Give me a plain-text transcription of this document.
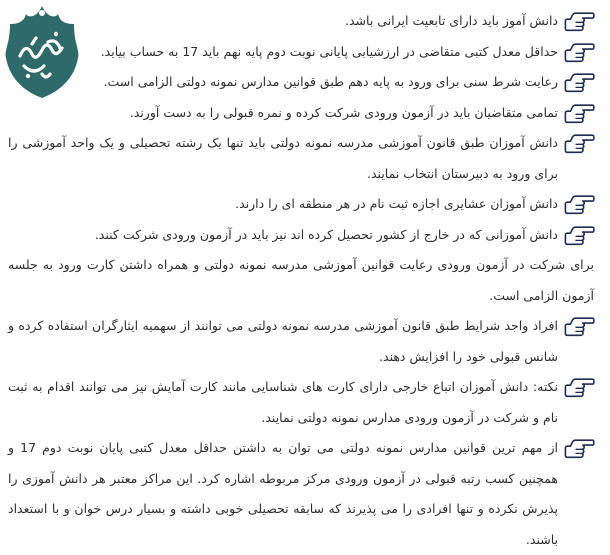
دانش آموز باید دارای تابعیت ایرانی باشد.
حداقل معدل کتبی متقاضی در ارزشیابی پایانی نوبت دوم پایه نهم باید 17 به حساب بیاید.
رعایت شرط سنی برای ورود به پایه دهم طبق قوانین مدارس نمونه دولتی الزامی است.
تمامی متقاضیان باید در آزمون ورودی شرکت کرده و نمره قبولی را به دست آورند.
دانش آموزان طبق قانون آموزشی مدرسه نمونه دولتی باید تنها یک رشته تحصیلی و یک واحد آموزشی را برای ورود به دبیرستان انتخاب نمایند.
دانش آموزان عشایری اجازه ثبت نام در هر منطقه ای را دارند.
دانش آموزانی که در خارج از کشور تحصیل کرده اند نیز باید در آزمون ورودی شرکت کنند.
برای شرکت در آزمون ورودی رعایت قوانین آموزشی مدرسه نمونه دولتی و همراه داشتن کارت ورود به جلسه آزمون الزامی است.
افراد واجد شرایط طبق قانون آموزشی مدرسه نمونه دولتی می توانند از سهمیه ایثارگران استفاده کرده و شانس قبولی خود را افزایش دهند.
نکته: دانش آموزان اتباع خارجی دارای کارت های شناسایی مانند کارت آمایش نیز می توانند اقدام به ثبت نام و شرکت در آزمون ورودی مدارس نمونه دولتی نمایند.
از مهم ترین قوانین مدارس نمونه دولتی می توان به داشتن حداقل معدل کتبی پایان نوبت دوم 17 و همچنین کسب رتبه قبولی در آزمون ورودی مرکز مربوطه اشاره کرد. این مراکز معتبر هر دانش آموزی را پذیرش نکرده و تنها افرادی را می پذیرند که سابقه تحصیلی خوبی داشته و بسیار درس خوان و با استعداد باشند.
